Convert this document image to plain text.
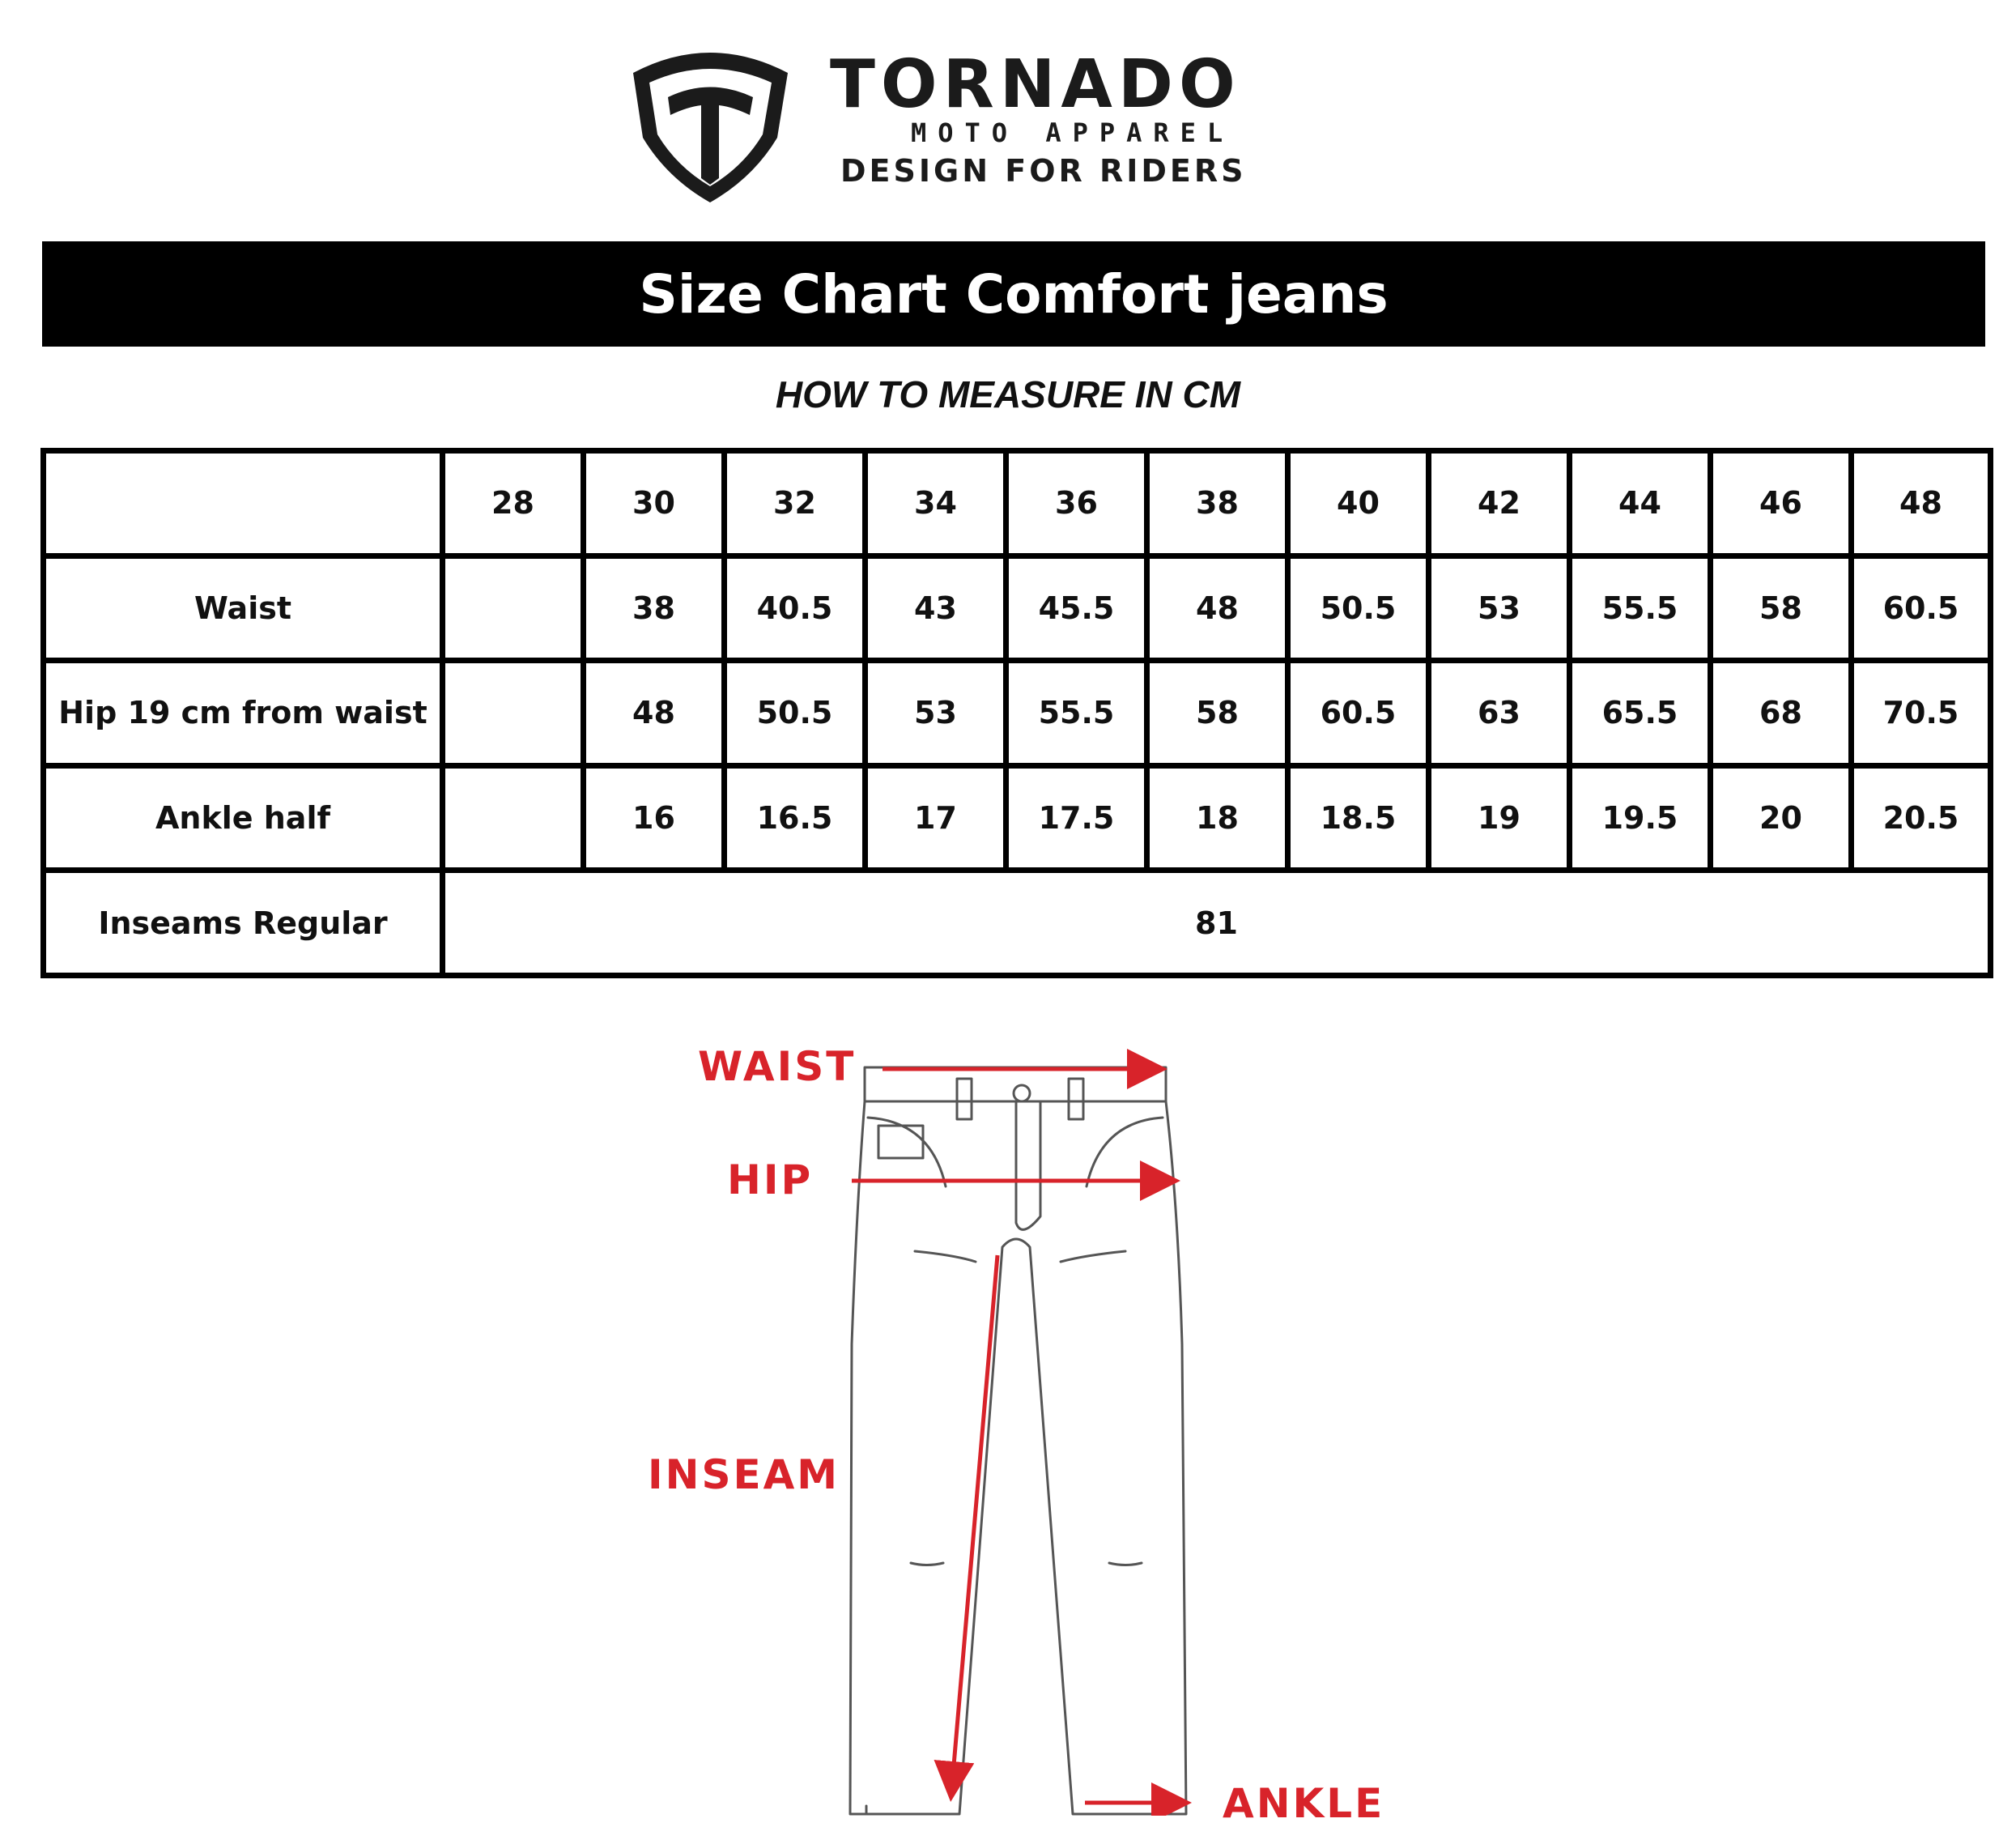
TORNADO
MOTO APPAREL
DESIGN FOR RIDERS
Size Chart Comfort jeans
HOW TO MEASURE IN CM
	28	30	32	34	36	38	40	42	44	46	48
Waist		38	40.5	43	45.5	48	50.5	53	55.5	58	60.5
Hip 19 cm from waist		48	50.5	53	55.5	58	60.5	63	65.5	68	70.5
Ankle half		16	16.5	17	17.5	18	18.5	19	19.5	20	20.5
Inseams Regular	81										
WAIST
HIP
INSEAM
ANKLE
